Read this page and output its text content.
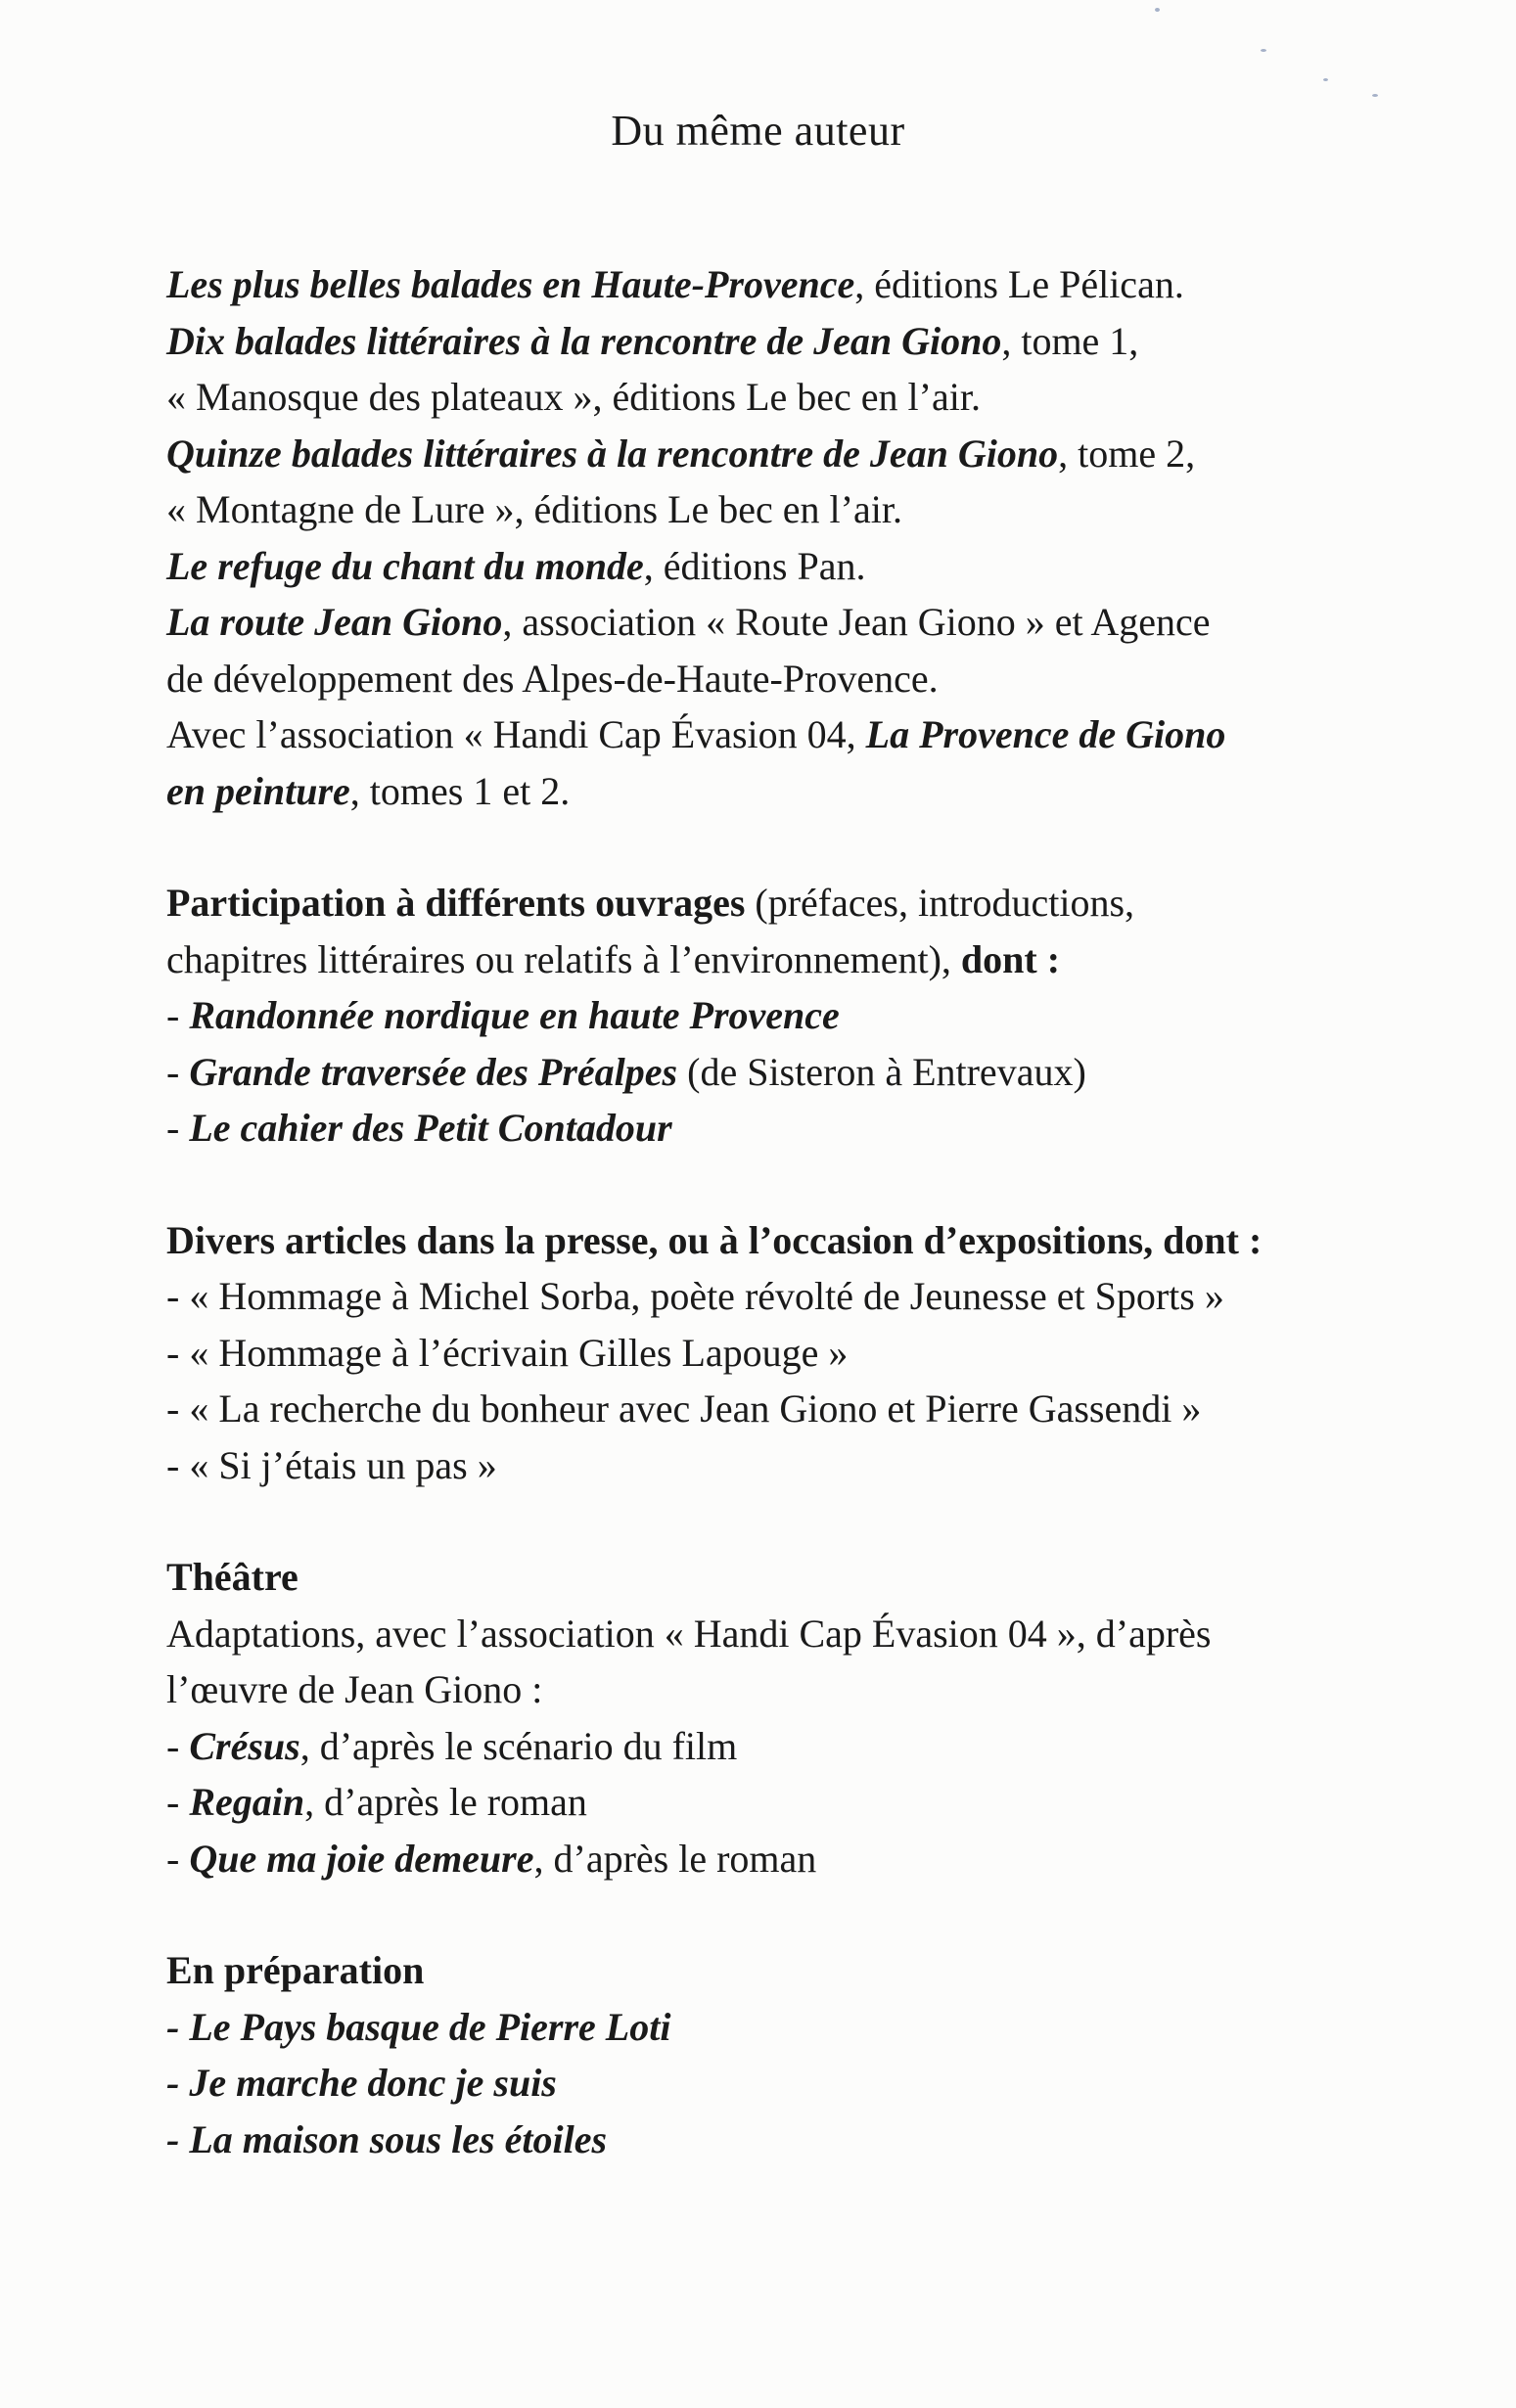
Du même auteur
Les plus belles balades en Haute-Provence, éditions Le Pélican.
Dix balades littéraires à la rencontre de Jean Giono, tome 1,
« Manosque des plateaux », éditions Le bec en l’air.
Quinze balades littéraires à la rencontre de Jean Giono, tome 2,
« Montagne de Lure », éditions Le bec en l’air.
Le refuge du chant du monde, éditions Pan.
La route Jean Giono, association « Route Jean Giono » et Agence
de développement des Alpes-de-Haute-Provence.
Avec l’association « Handi Cap Évasion 04, La Provence de Giono
en peinture, tomes 1 et 2.
Participation à différents ouvrages (préfaces, introductions,
chapitres littéraires ou relatifs à l’environnement), dont :
- Randonnée nordique en haute Provence
- Grande traversée des Préalpes (de Sisteron à Entrevaux)
- Le cahier des Petit Contadour
Divers articles dans la presse, ou à l’occasion d’expositions, dont :
- « Hommage à Michel Sorba, poète révolté de Jeunesse et Sports »
- « Hommage à l’écrivain Gilles Lapouge »
- « La recherche du bonheur avec Jean Giono et Pierre Gassendi »
- « Si j’étais un pas »
Théâtre
Adaptations, avec l’association « Handi Cap Évasion 04 », d’après
l’œuvre de Jean Giono :
- Crésus, d’après le scénario du film
- Regain, d’après le roman
- Que ma joie demeure, d’après le roman
En préparation
- Le Pays basque de Pierre Loti
- Je marche donc je suis
- La maison sous les étoiles
